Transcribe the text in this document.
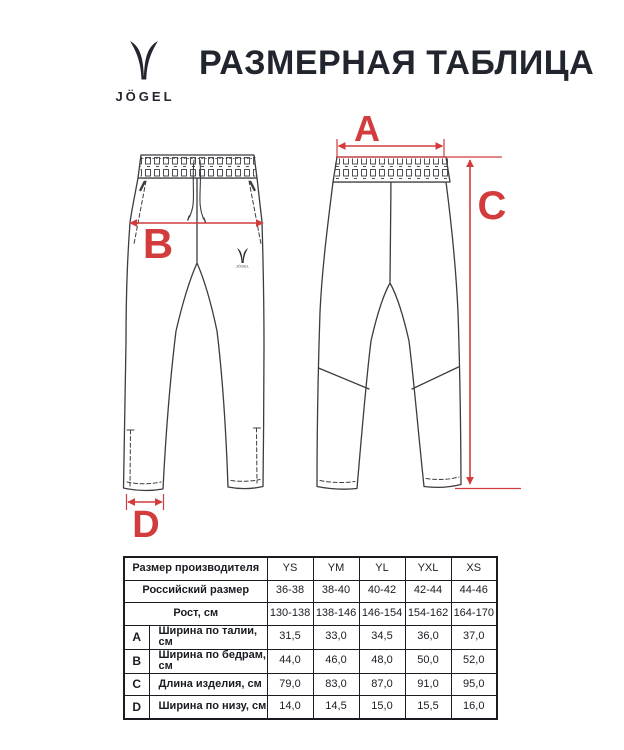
JÖGEL
РАЗМЕРНАЯ ТАБЛИЦА
JÖGEL
B
D
A
C
Размер производителя		YS	YM	YL	YXL	XS
Российский размер		36-38	38-40	40-42	42-44	44-46
Рост, см		130-138	138-146	146-154	154-162	164-170
A	Ширина по талии, см	31,5	33,0	34,5	36,0	37,0
B	Ширина по бедрам, см	44,0	46,0	48,0	50,0	52,0
C	Длина изделия, см	79,0	83,0	87,0	91,0	95,0
D	Ширина по низу, см	14,0	14,5	15,0	15,5	16,0
